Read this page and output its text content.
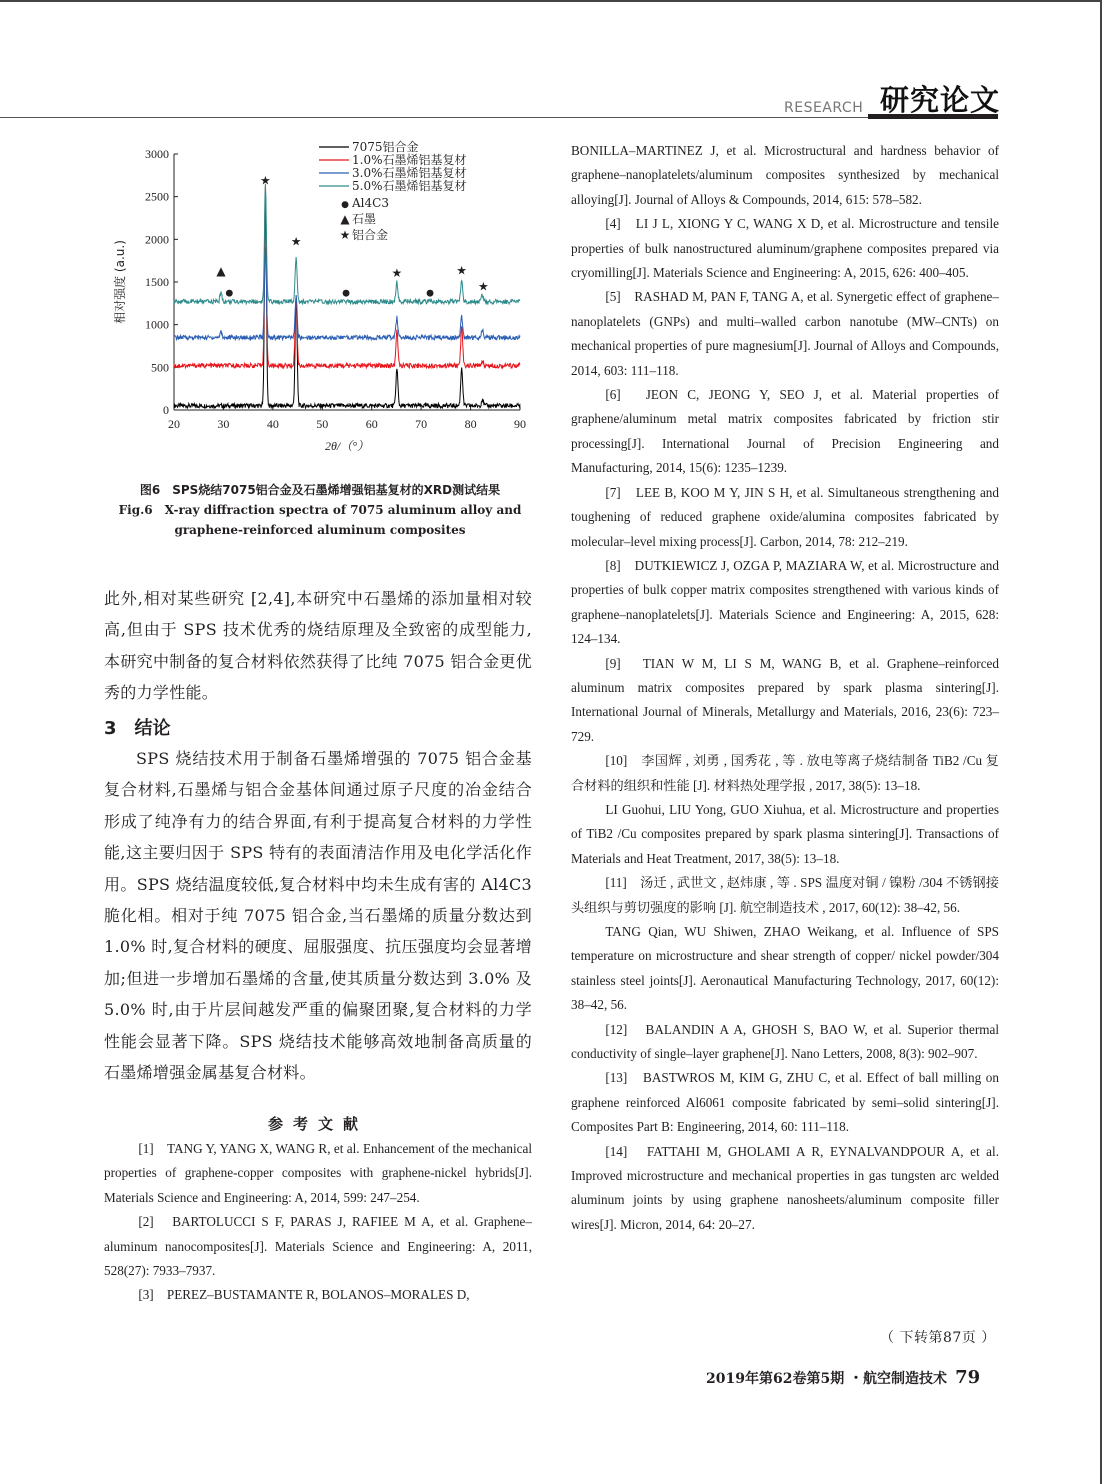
RESEARCH 研究论文
20	30	40	50	60	70	80	90
0
500
1000
1500
2000
2500
3000
2θ/（°）
相对强度 (a.u.)	▲
●
★
★
●
★
●
★
★
7075铝合金
1.0%石墨烯铝基复材
3.0%石墨烯铝基复材
5.0%石墨烯铝基复材
● Al4C3
▲ 石墨
★ 铝合金
图6　SPS烧结7075铝合金及石墨烯增强铝基复材的XRD测试结果
Fig.6　X-ray diffraction spectra of 7075 aluminum alloy and
graphene-reinforced aluminum composites

此外,相对某些研究 [2,4],本研究中石墨烯的添加量相对较高,但由于 SPS 技术优秀的烧结原理及全致密的成型能力,本研究中制备的复合材料依然获得了比纯 7075 铝合金更优秀的力学性能。

3　结论

SPS 烧结技术用于制备石墨烯增强的 7075 铝合金基复合材料,石墨烯与铝合金基体间通过原子尺度的冶金结合形成了纯净有力的结合界面,有利于提高复合材料的力学性能,这主要归因于 SPS 特有的表面清洁作用及电化学活化作用。SPS 烧结温度较低,复合材料中均未生成有害的 Al4C3 脆化相。相对于纯 7075 铝合金,当石墨烯的质量分数达到 1.0% 时,复合材料的硬度、屈服强度、抗压强度均会显著增加;但进一步增加石墨烯的含量,使其质量分数达到 3.0% 及 5.0% 时,由于片层间越发严重的偏聚团聚,复合材料的力学性能会显著下降。SPS 烧结技术能够高效地制备高质量的石墨烯增强金属基复合材料。

参考文献

[1]　TANG Y, YANG X, WANG R, et al. Enhancement of the mechanical properties of graphene-copper composites with graphene-nickel hybrids[J]. Materials Science and Engineering: A, 2014, 599: 247–254.

[2]　BARTOLUCCI S F, PARAS J, RAFIEE M A, et al. Graphene–aluminum nanocomposites[J]. Materials Science and Engineering: A, 2011, 528(27): 7933–7937.

[3]　PEREZ–BUSTAMANTE R, BOLANOS–MORALES D,

BONILLA–MARTINEZ J, et al. Microstructural and hardness behavior of graphene–nanoplatelets/aluminum composites synthesized by mechanical alloying[J]. Journal of Alloys & Compounds, 2014, 615: 578–582.

[4]　LI J L, XIONG Y C, WANG X D, et al. Microstructure and tensile properties of bulk nanostructured aluminum/graphene composites prepared via cryomilling[J]. Materials Science and Engineering: A, 2015, 626: 400–405.

[5]　RASHAD M, PAN F, TANG A, et al. Synergetic effect of graphene–nanoplatelets (GNPs) and multi–walled carbon nanotube (MW–CNTs) on mechanical properties of pure magnesium[J]. Journal of Alloys and Compounds, 2014, 603: 111–118.

[6]　JEON C, JEONG Y, SEO J, et al. Material properties of graphene/aluminum metal matrix composites fabricated by friction stir processing[J]. International Journal of Precision Engineering and Manufacturing, 2014, 15(6): 1235–1239.

[7]　LEE B, KOO M Y, JIN S H, et al. Simultaneous strengthening and toughening of reduced graphene oxide/alumina composites fabricated by molecular–level mixing process[J]. Carbon, 2014, 78: 212–219.

[8]　DUTKIEWICZ J, OZGA P, MAZIARA W, et al. Microstructure and properties of bulk copper matrix composites strengthened with various kinds of graphene–nanoplatelets[J]. Materials Science and Engineering: A, 2015, 628: 124–134.

[9]　TIAN W M, LI S M, WANG B, et al. Graphene–reinforced aluminum matrix composites prepared by spark plasma sintering[J]. International Journal of Minerals, Metallurgy and Materials, 2016, 23(6): 723–729.

[10]　李国辉 , 刘勇 , 国秀花 , 等 . 放电等离子烧结制备 TiB2 /Cu 复合材料的组织和性能 [J]. 材料热处理学报 , 2017, 38(5): 13–18.

LI Guohui, LIU Yong, GUO Xiuhua, et al. Microstructure and properties of TiB2 /Cu composites prepared by spark plasma sintering[J]. Transactions of Materials and Heat Treatment, 2017, 38(5): 13–18.

[11]　汤迁 , 武世文 , 赵炜康 , 等 . SPS 温度对铜 / 镍粉 /304 不锈钢接头组织与剪切强度的影响 [J]. 航空制造技术 , 2017, 60(12): 38–42, 56.

TANG Qian, WU Shiwen, ZHAO Weikang, et al. Influence of SPS temperature on microstructure and shear strength of copper/ nickel powder/304 stainless steel joints[J]. Aeronautical Manufacturing Technology, 2017, 60(12): 38–42, 56.

[12]　BALANDIN A A, GHOSH S, BAO W, et al. Superior thermal conductivity of single–layer graphene[J]. Nano Letters, 2008, 8(3): 902–907.

[13]　BASTWROS M, KIM G, ZHU C, et al. Effect of ball milling on graphene reinforced Al6061 composite fabricated by semi–solid sintering[J]. Composites Part B: Engineering, 2014, 60: 111–118.

[14]　FATTAHI M, GHOLAMI A R, EYNALVANDPOUR A, et al. Improved microstructure and mechanical properties in gas tungsten arc welded aluminum joints by using graphene nanosheets/aluminum composite filler wires[J]. Micron, 2014, 64: 20–27.

（ 下转第87页 ）
2019年第62卷第5期 ・航空制造技术 79
